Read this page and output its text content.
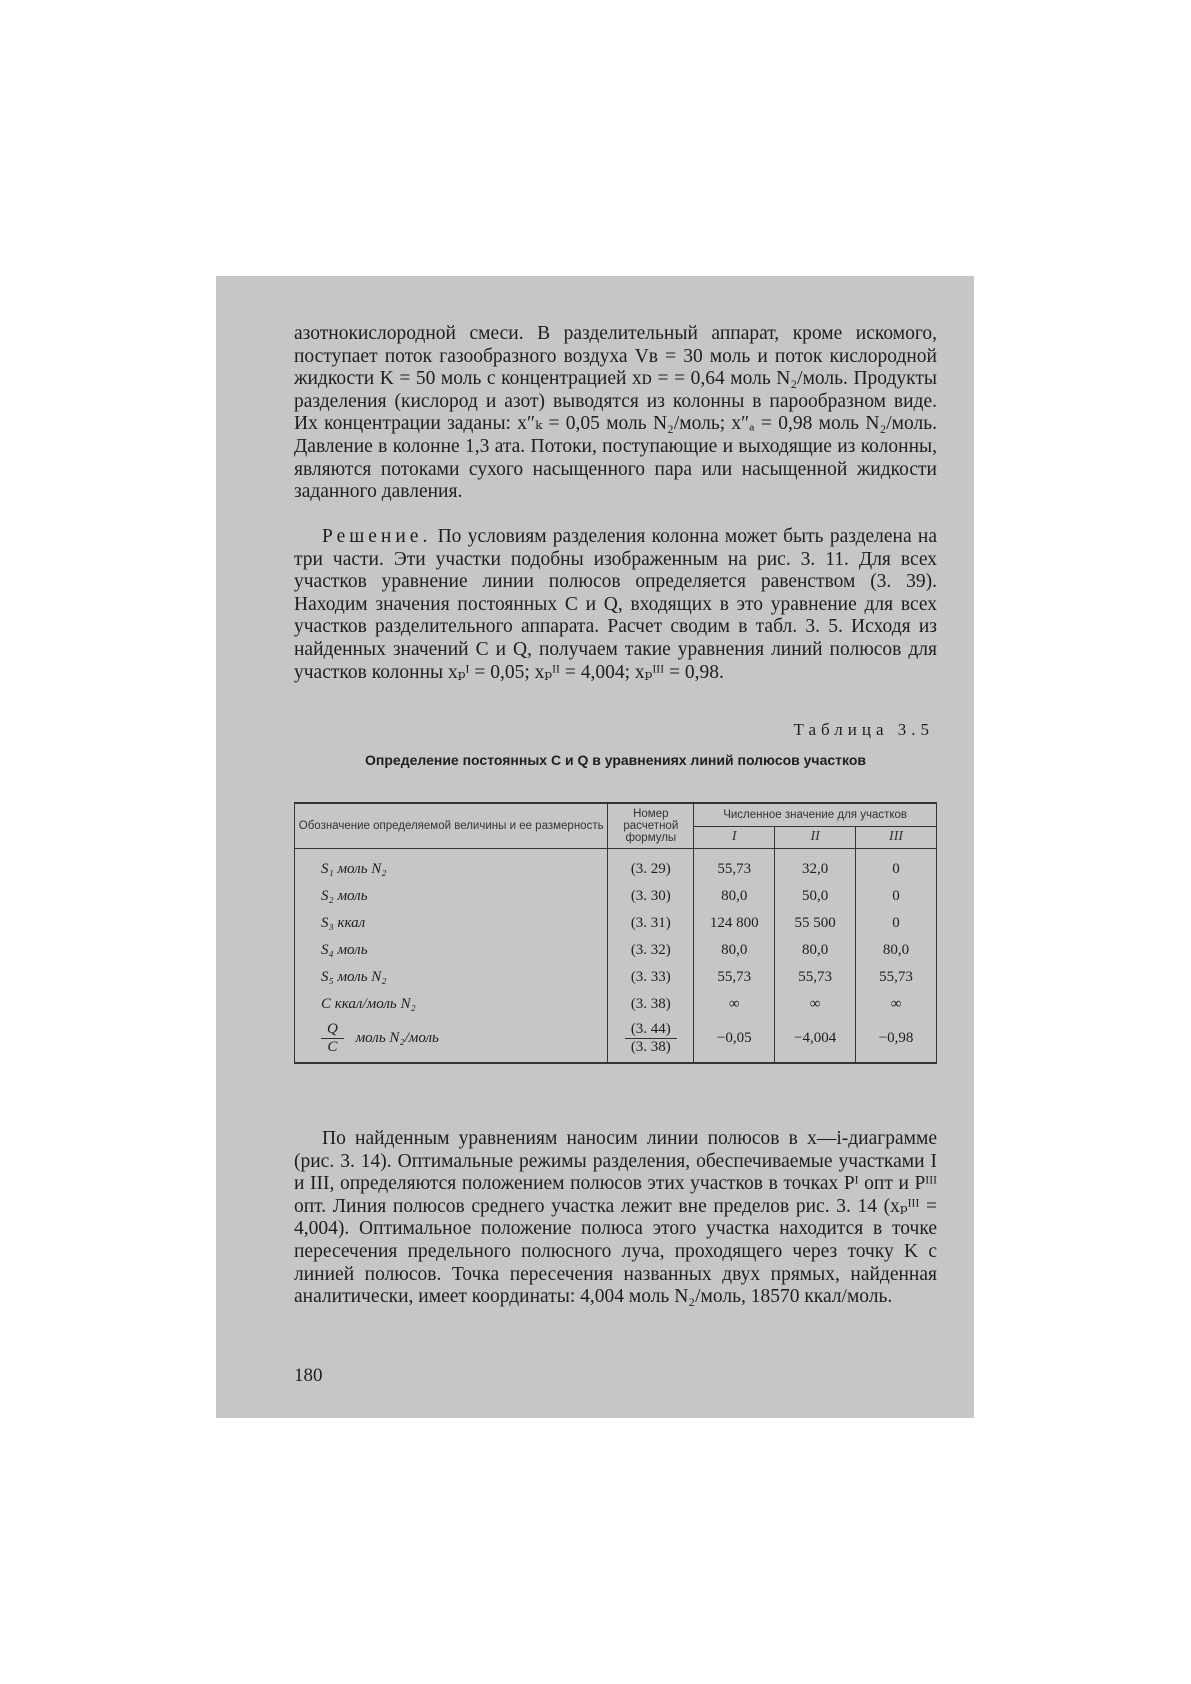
азотнокислородной смеси. В разделительный аппарат, кроме искомого, поступает поток газообразного воздуха Vв = 30 моль и поток кислородной жидкости K = 50 моль с концентрацией xᴅ = = 0,64 моль N₂/моль. Продукты разделения (кислород и азот) выводятся из колонны в парообразном виде. Их концентрации заданы: x″ₖ = 0,05 моль N₂/моль; x″ₐ = 0,98 моль N₂/моль. Давление в колонне 1,3 ата. Потоки, поступающие и выходящие из колонны, являются потоками сухого насыщенного пара или насыщенной жидкости заданного давления.

Решение. По условиям разделения колонна может быть разделена на три части. Эти участки подобны изображенным на рис. 3. 11. Для всех участков уравнение линии полюсов определяется равенством (3. 39). Находим значения постоянных C и Q, входящих в это уравнение для всех участков разделительного аппарата. Расчет сводим в табл. 3. 5. Исходя из найденных значений C и Q, получаем такие уравнения линий полюсов для участков колонны xₚᴵ = 0,05; xₚᴵᴵ = 4,004; xₚᴵᴵᴵ = 0,98.

Таблица 3.5
Определение постоянных C и Q в уравнениях линий полюсов участков
Обозначение определяемой величины и ее размерность	Номер расчетной формулы	Численное значение для участков		
		I	II	III
S₁ моль N₂	(3. 29)	55,73	32,0	0
S₂ моль	(3. 30)	80,0	50,0	0
S₃ ккал	(3. 31)	124 800	55 500	0
S₄ моль	(3. 32)	80,0	80,0	80,0
S₅ моль N₂	(3. 33)	55,73	55,73	55,73
C ккал/моль N₂	(3. 38)	∞	∞	∞

$\frac{Q}{C}$ моль N₂/моль	$\frac{(3. 44)}{(3. 38)}$	−0,05	−4,004	−0,98

По найденным уравнениям наносим линии полюсов в x—i-диаграмме (рис. 3. 14). Оптимальные режимы разделения, обеспечиваемые участками I и III, определяются положением полюсов этих участков в точках Pᴵ опт и Pᴵᴵᴵ опт. Линия полюсов среднего участка лежит вне пределов рис. 3. 14 (xₚᴵᴵᴵ = 4,004). Оптимальное положение полюса этого участка находится в точке пересечения предельного полюсного луча, проходящего через точку K с линией полюсов. Точка пересечения названных двух прямых, найденная аналитически, имеет координаты: 4,004 моль N₂/моль, 18570 ккал/моль.

180
